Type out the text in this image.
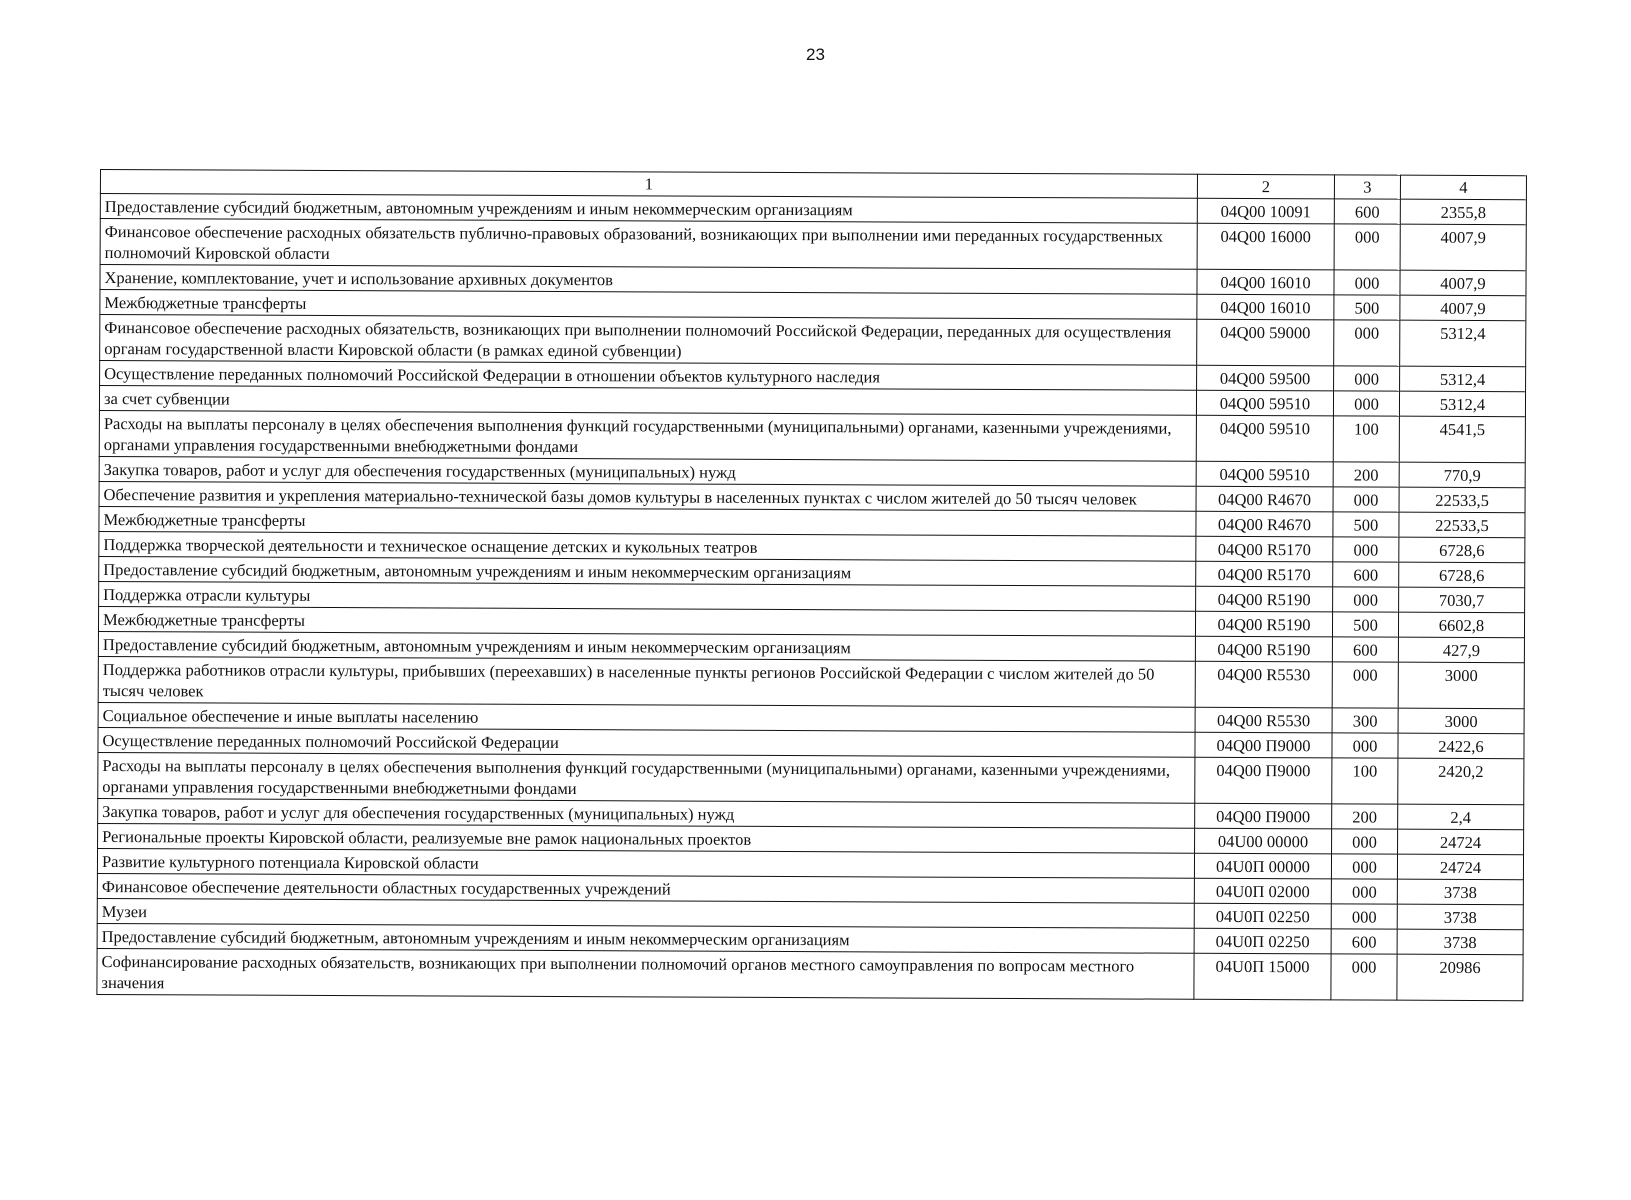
23
1	2	3	4
Предоставление субсидий бюджетным, автономным учреждениям и иным некоммерческим организациям	04Q00 10091	600	2355,8
Финансовое обеспечение расходных обязательств публично-правовых образований, возникающих при выполнении ими переданных государственных полномочий Кировской области	04Q00 16000	000	4007,9
Хранение, комплектование, учет и использование архивных документов	04Q00 16010	000	4007,9
Межбюджетные трансферты	04Q00 16010	500	4007,9
Финансовое обеспечение расходных обязательств, возникающих при выполнении полномочий Российской Федерации, переданных для осуществления органам государственной власти Кировской области (в рамках единой субвенции)	04Q00 59000	000	5312,4
Осуществление переданных полномочий Российской Федерации в отношении объектов культурного наследия	04Q00 59500	000	5312,4
за счет субвенции	04Q00 59510	000	5312,4
Расходы на выплаты персоналу в целях обеспечения выполнения функций государственными (муниципальными) органами, казенными учреждениями, органами управления государственными внебюджетными фондами	04Q00 59510	100	4541,5
Закупка товаров, работ и услуг для обеспечения государственных (муниципальных) нужд	04Q00 59510	200	770,9
Обеспечение развития и укрепления материально-технической базы домов культуры в населенных пунктах с числом жителей до 50 тысяч человек	04Q00 R4670	000	22533,5
Межбюджетные трансферты	04Q00 R4670	500	22533,5
Поддержка творческой деятельности и техническое оснащение детских и кукольных театров	04Q00 R5170	000	6728,6
Предоставление субсидий бюджетным, автономным учреждениям и иным некоммерческим организациям	04Q00 R5170	600	6728,6
Поддержка отрасли культуры	04Q00 R5190	000	7030,7
Межбюджетные трансферты	04Q00 R5190	500	6602,8
Предоставление субсидий бюджетным, автономным учреждениям и иным некоммерческим организациям	04Q00 R5190	600	427,9
Поддержка работников отрасли культуры, прибывших (переехавших) в населенные пункты регионов Российской Федерации с числом жителей до 50 тысяч человек	04Q00 R5530	000	3000
Социальное обеспечение и иные выплаты населению	04Q00 R5530	300	3000
Осуществление переданных полномочий Российской Федерации	04Q00 П9000	000	2422,6
Расходы на выплаты персоналу в целях обеспечения выполнения функций государственными (муниципальными) органами, казенными учреждениями, органами управления государственными внебюджетными фондами	04Q00 П9000	100	2420,2
Закупка товаров, работ и услуг для обеспечения государственных (муниципальных) нужд	04Q00 П9000	200	2,4
Региональные проекты Кировской области, реализуемые вне рамок национальных проектов	04U00 00000	000	24724
Развитие культурного потенциала Кировской области	04U0П 00000	000	24724
Финансовое обеспечение деятельности областных государственных учреждений	04U0П 02000	000	3738
Музеи	04U0П 02250	000	3738
Предоставление субсидий бюджетным, автономным учреждениям и иным некоммерческим организациям	04U0П 02250	600	3738
Софинансирование расходных обязательств, возникающих при выполнении полномочий органов местного самоуправления по вопросам местного значения	04U0П 15000	000	20986
